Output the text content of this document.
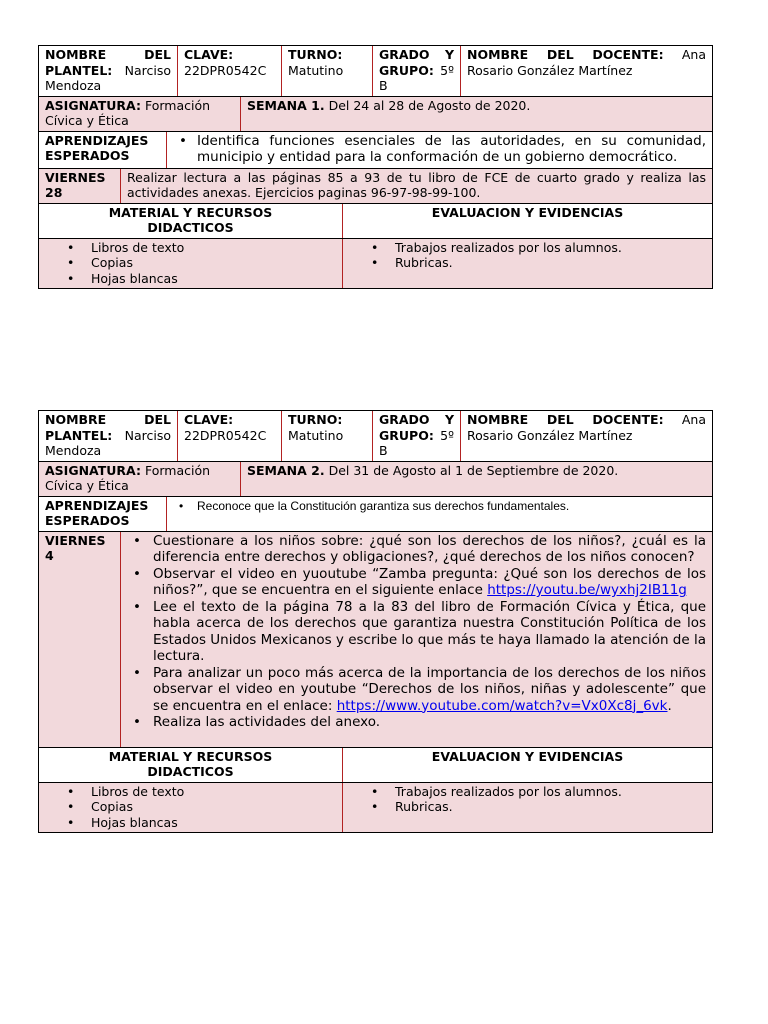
NOMBRE DEL PLANTEL: Narciso Mendoza
CLAVE:
22DPR0542C
TURNO:
Matutino
GRADO Y GRUPO: 5º B
NOMBRE DEL DOCENTE: Ana Rosario González Martínez
ASIGNATURA: Formación Cívica y Ética
SEMANA 1. Del 24 al 28 de Agosto de 2020.
APRENDIZAJES ESPERADOS
• Identifica funciones esenciales de las autoridades, en su comunidad, municipio y entidad para la conformación de un gobierno democrático.
VIERNES 28
Realizar lectura a las páginas 85 a 93 de tu libro de FCE de cuarto grado y realiza las actividades anexas. Ejercicios paginas 96-97-98-99-100.
MATERIAL Y RECURSOS DIDACTICOS
EVALUACION Y EVIDENCIAS
• Libros de texto
• Copias
• Hojas blancas
• Trabajos realizados por los alumnos.
• Rubricas.
NOMBRE DEL PLANTEL: Narciso Mendoza
CLAVE:
22DPR0542C
TURNO:
Matutino
GRADO Y GRUPO: 5º B
NOMBRE DEL DOCENTE: Ana Rosario González Martínez
ASIGNATURA: Formación Cívica y Ética
SEMANA 2. Del 31 de Agosto al 1 de Septiembre de 2020.
APRENDIZAJES ESPERADOS
• Reconoce que la Constitución garantiza sus derechos fundamentales.
VIERNES 4
• Cuestionare a los niños sobre: ¿qué son los derechos de los niños?, ¿cuál es la diferencia entre derechos y obligaciones?, ¿qué derechos de los niños conocen?
• Observar el video en yuoutube “Zamba pregunta: ¿Qué son los derechos de los niños?”, que se encuentra en el siguiente enlace https://youtu.be/wyxhj2IB11g
• Lee el texto de la página 78 a la 83 del libro de Formación Cívica y Ética, que habla acerca de los derechos que garantiza nuestra Constitución Política de los Estados Unidos Mexicanos y escribe lo que más te haya llamado la atención de la lectura.
• Para analizar un poco más acerca de la importancia de los derechos de los niños observar el video en youtube “Derechos de los niños, niñas y adolescente” que se encuentra en el enlace: https://www.youtube.com/watch?v=Vx0Xc8j_6vk.
• Realiza las actividades del anexo.
MATERIAL Y RECURSOS DIDACTICOS
EVALUACION Y EVIDENCIAS
• Libros de texto
• Copias
• Hojas blancas
• Trabajos realizados por los alumnos.
• Rubricas.
